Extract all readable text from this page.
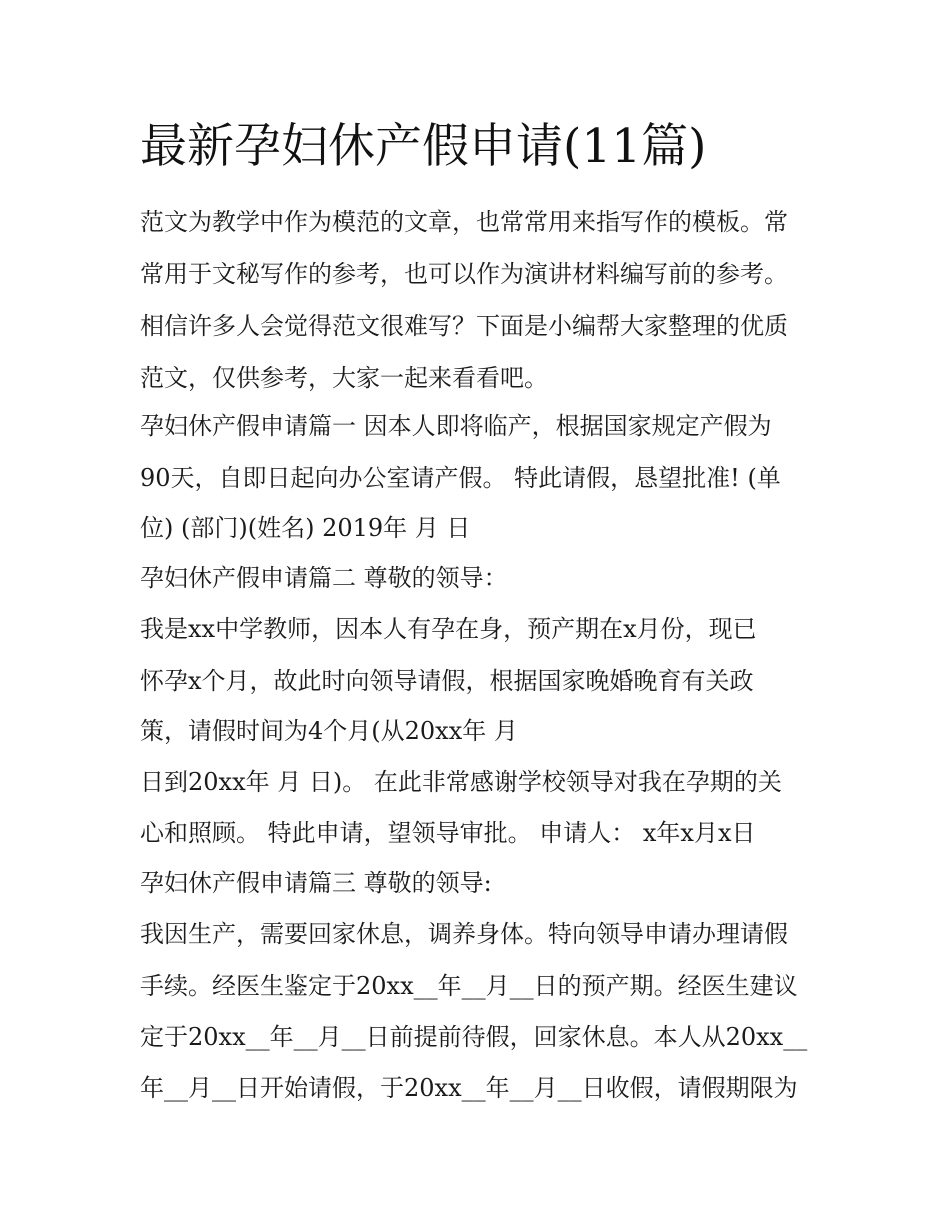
最新孕妇休产假申请(11篇)

范文为教学中作为模范的文章，也常常用来指写作的模板。常

常用于文秘写作的参考，也可以作为演讲材料编写前的参考。

相信许多人会觉得范文很难写？下面是小编帮大家整理的优质

范文，仅供参考，大家一起来看看吧。

孕妇休产假申请篇一 因本人即将临产，根据国家规定产假为

90天，自即日起向办公室请产假。 特此请假，恳望批准! (单

位) (部门)(姓名) 2019年 月 日

孕妇休产假申请篇二 尊敬的领导：

我是xx中学教师，因本人有孕在身，预产期在x月份，现已

怀孕x个月，故此时向领导请假，根据国家晚婚晚育有关政

策，请假时间为4个月(从20xx年 月

日到20xx年 月 日)。 在此非常感谢学校领导对我在孕期的关

心和照顾。 特此申请，望领导审批。 申请人： x年x月x日

孕妇休产假申请篇三 尊敬的领导:

我因生产，需要回家休息，调养身体。特向领导申请办理请假

手续。经医生鉴定于20xx__年__月__日的预产期。经医生建议

定于20xx__年__月__日前提前待假，回家休息。本人从20xx__

年__月__日开始请假，于20xx__年__月__日收假，请假期限为
